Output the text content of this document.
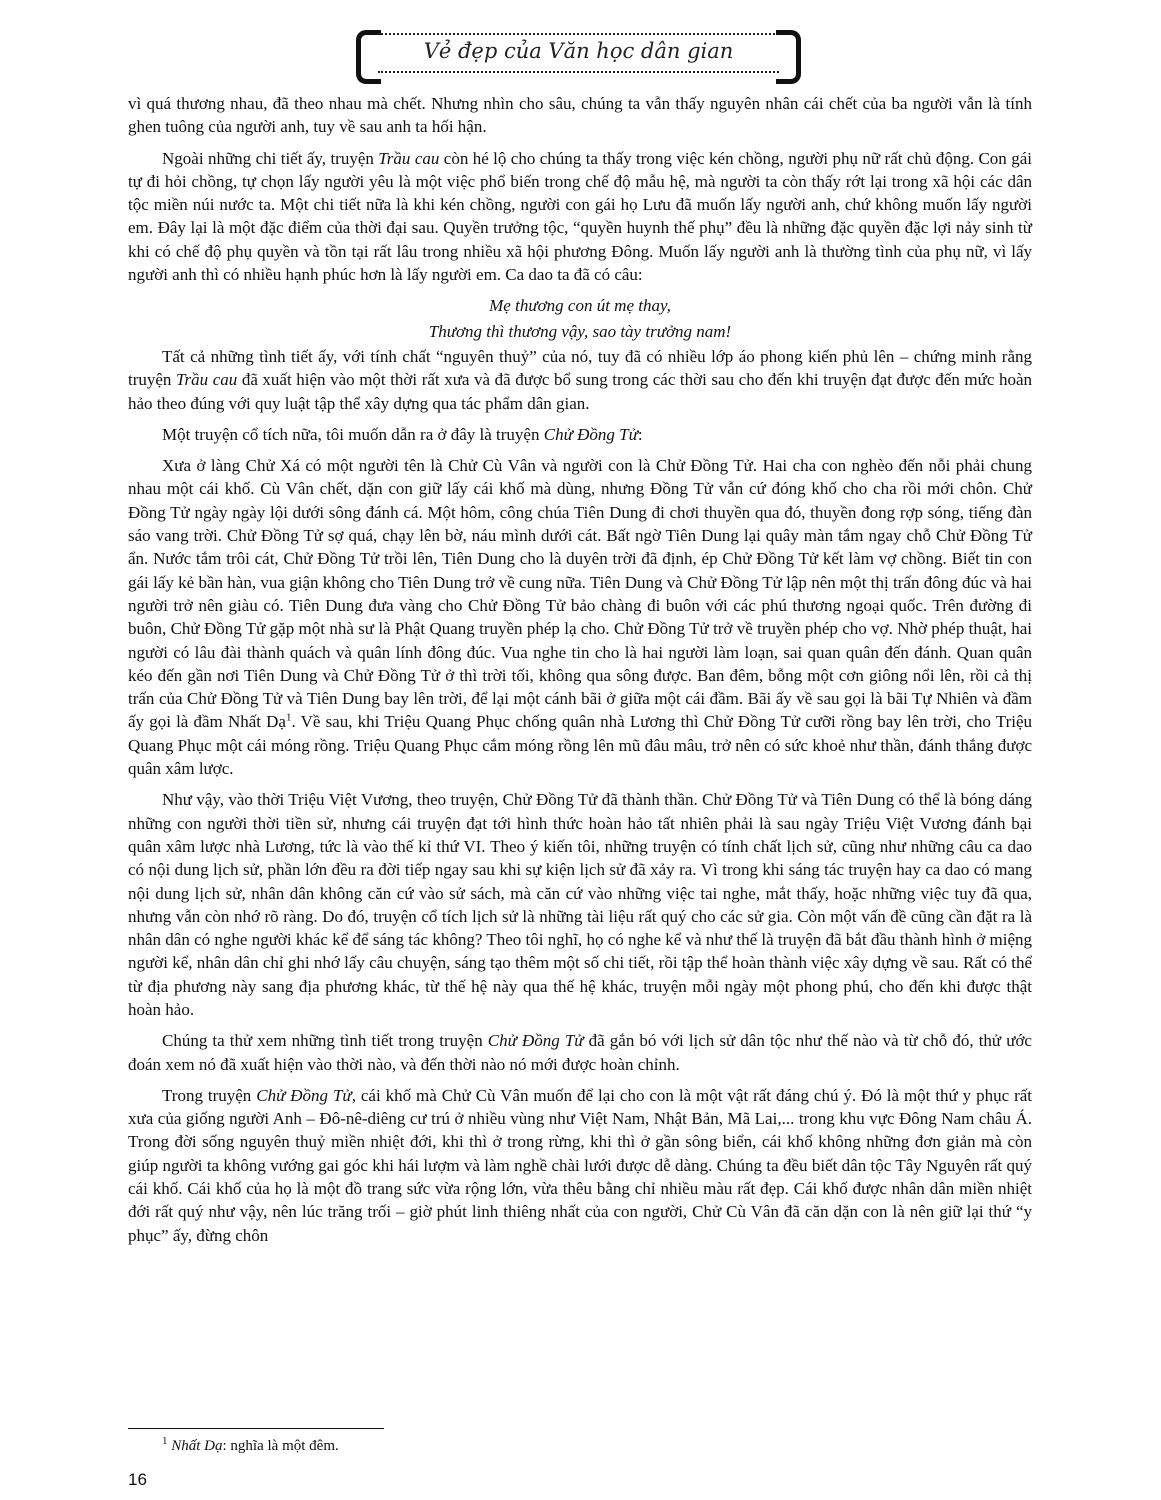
Vẻ đẹp của Văn học dân gian

vì quá thương nhau, đã theo nhau mà chết. Nhưng nhìn cho sâu, chúng ta vẫn thấy nguyên nhân cái chết của ba người vẫn là tính ghen tuông của người anh, tuy về sau anh ta hối hận.

Ngoài những chi tiết ấy, truyện Trầu cau còn hé lộ cho chúng ta thấy trong việc kén chồng, người phụ nữ rất chủ động. Con gái tự đi hỏi chồng, tự chọn lấy người yêu là một việc phổ biến trong chế độ mẫu hệ, mà người ta còn thấy rớt lại trong xã hội các dân tộc miền núi nước ta. Một chi tiết nữa là khi kén chồng, người con gái họ Lưu đã muốn lấy người anh, chứ không muốn lấy người em. Đây lại là một đặc điểm của thời đại sau. Quyền trưởng tộc, “quyền huynh thế phụ” đều là những đặc quyền đặc lợi nảy sinh từ khi có chế độ phụ quyền và tồn tại rất lâu trong nhiều xã hội phương Đông. Muốn lấy người anh là thường tình của phụ nữ, vì lấy người anh thì có nhiều hạnh phúc hơn là lấy người em. Ca dao ta đã có câu:

Mẹ thương con út mẹ thay,
Thương thì thương vậy, sao tày trưởng nam!

Tất cả những tình tiết ấy, với tính chất “nguyên thuỷ” của nó, tuy đã có nhiều lớp áo phong kiến phủ lên – chứng minh rằng truyện Trầu cau đã xuất hiện vào một thời rất xưa và đã được bổ sung trong các thời sau cho đến khi truyện đạt được đến mức hoàn hảo theo đúng với quy luật tập thể xây dựng qua tác phẩm dân gian.

Một truyện cổ tích nữa, tôi muốn dẫn ra ở đây là truyện Chử Đồng Tử:

Xưa ở làng Chử Xá có một người tên là Chử Cù Vân và người con là Chử Đồng Tử. Hai cha con nghèo đến nỗi phải chung nhau một cái khố. Cù Vân chết, dặn con giữ lấy cái khố mà dùng, nhưng Đồng Tử vẫn cứ đóng khố cho cha rồi mới chôn. Chử Đồng Tử ngày ngày lội dưới sông đánh cá. Một hôm, công chúa Tiên Dung đi chơi thuyền qua đó, thuyền đong rợp sóng, tiếng đàn sáo vang trời. Chử Đồng Tử sợ quá, chạy lên bờ, náu mình dưới cát. Bất ngờ Tiên Dung lại quây màn tắm ngay chỗ Chử Đồng Tử ẩn. Nước tắm trôi cát, Chử Đồng Tử trồi lên, Tiên Dung cho là duyên trời đã định, ép Chử Đồng Tử kết làm vợ chồng. Biết tin con gái lấy kẻ bần hàn, vua giận không cho Tiên Dung trở về cung nữa. Tiên Dung và Chử Đồng Tử lập nên một thị trấn đông đúc và hai người trở nên giàu có. Tiên Dung đưa vàng cho Chử Đồng Tử bảo chàng đi buôn với các phú thương ngoại quốc. Trên đường đi buôn, Chử Đồng Tử gặp một nhà sư là Phật Quang truyền phép lạ cho. Chử Đồng Tử trở về truyền phép cho vợ. Nhờ phép thuật, hai người có lâu đài thành quách và quân lính đông đúc. Vua nghe tin cho là hai người làm loạn, sai quan quân đến đánh. Quan quân kéo đến gần nơi Tiên Dung và Chử Đồng Tử ở thì trời tối, không qua sông được. Ban đêm, bỗng một cơn giông nổi lên, rồi cả thị trấn của Chử Đồng Tử và Tiên Dung bay lên trời, để lại một cánh bãi ở giữa một cái đầm. Bãi ấy về sau gọi là bãi Tự Nhiên và đầm ấy gọi là đầm Nhất Dạ$^1$. Về sau, khi Triệu Quang Phục chống quân nhà Lương thì Chử Đồng Tử cưỡi rồng bay lên trời, cho Triệu Quang Phục một cái móng rồng. Triệu Quang Phục cắm móng rồng lên mũ đâu mâu, trở nên có sức khoẻ như thần, đánh thắng được quân xâm lược.

Như vậy, vào thời Triệu Việt Vương, theo truyện, Chử Đồng Tử đã thành thần. Chử Đồng Tử và Tiên Dung có thể là bóng dáng những con người thời tiền sử, nhưng cái truyện đạt tới hình thức hoàn hảo tất nhiên phải là sau ngày Triệu Việt Vương đánh bại quân xâm lược nhà Lương, tức là vào thế kỉ thứ VI. Theo ý kiến tôi, những truyện có tính chất lịch sử, cũng như những câu ca dao có nội dung lịch sử, phần lớn đều ra đời tiếp ngay sau khi sự kiện lịch sử đã xảy ra. Vì trong khi sáng tác truyện hay ca dao có mang nội dung lịch sử, nhân dân không căn cứ vào sử sách, mà căn cứ vào những việc tai nghe, mắt thấy, hoặc những việc tuy đã qua, nhưng vẫn còn nhớ rõ ràng. Do đó, truyện cổ tích lịch sử là những tài liệu rất quý cho các sử gia. Còn một vấn đề cũng cần đặt ra là nhân dân có nghe người khác kể để sáng tác không? Theo tôi nghĩ, họ có nghe kể và như thế là truyện đã bắt đầu thành hình ở miệng người kể, nhân dân chỉ ghi nhớ lấy câu chuyện, sáng tạo thêm một số chi tiết, rồi tập thể hoàn thành việc xây dựng về sau. Rất có thể từ địa phương này sang địa phương khác, từ thế hệ này qua thế hệ khác, truyện mỗi ngày một phong phú, cho đến khi được thật hoàn hảo.

Chúng ta thử xem những tình tiết trong truyện Chử Đồng Tử đã gắn bó với lịch sử dân tộc như thế nào và từ chỗ đó, thử ước đoán xem nó đã xuất hiện vào thời nào, và đến thời nào nó mới được hoàn chỉnh.

Trong truyện Chử Đồng Tử, cái khố mà Chử Cù Vân muốn để lại cho con là một vật rất đáng chú ý. Đó là một thứ y phục rất xưa của giống người Anh – Đô-nê-diêng cư trú ở nhiều vùng như Việt Nam, Nhật Bản, Mã Lai,... trong khu vực Đông Nam châu Á. Trong đời sống nguyên thuỷ miền nhiệt đới, khi thì ở trong rừng, khi thì ở gần sông biển, cái khố không những đơn giản mà còn giúp người ta không vướng gai góc khi hái lượm và làm nghề chài lưới được dễ dàng. Chúng ta đều biết dân tộc Tây Nguyên rất quý cái khố. Cái khố của họ là một đồ trang sức vừa rộng lớn, vừa thêu bằng chỉ nhiều màu rất đẹp. Cái khố được nhân dân miền nhiệt đới rất quý như vậy, nên lúc trăng trối – giờ phút linh thiêng nhất của con người, Chử Cù Vân đã căn dặn con là nên giữ lại thứ “y phục” ấy, đừng chôn

$^1$ Nhất Dạ: nghĩa là một đêm.
16
